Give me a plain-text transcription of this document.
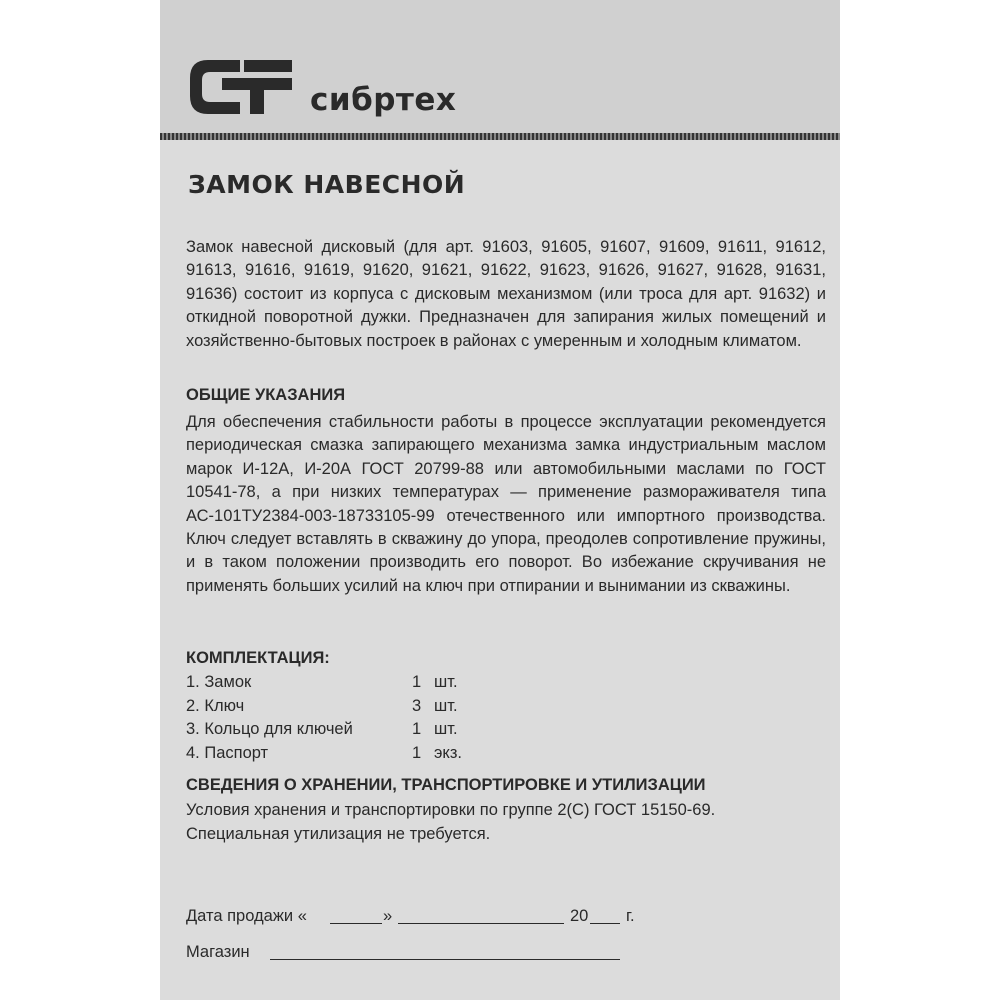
сибртех
ЗАМОК НАВЕСНОЙ

Замок навесной дисковый (для арт. 91603, 91605, 91607, 91609, 91611, 91612, 91613, 91616, 91619, 91620, 91621, 91622, 91623, 91626, 91627, 91628, 91631, 91636) состоит из корпуса с дисковым механизмом (или троса для арт. 91632) и откидной поворотной дужки. Предназначен для запирания жилых помещений и хозяйственно-бытовых построек в районах с умеренным и холодным климатом.

ОБЩИЕ УКАЗАНИЯ

Для обеспечения стабильности работы в процессе эксплуатации рекомендуется периодическая смазка запирающего механизма замка индустриальным маслом марок И-12А, И-20А ГОСТ 20799-88 или автомобильными маслами по ГОСТ 10541-78, а при низких температурах — применение размораживателя типа АС-101ТУ2384-003-18733105-99 отечественного или импортного производства. Ключ следует вставлять в скважину до упора, преодолев сопротивление пружины, и в таком положении производить его поворот. Во избежание скручивания не применять больших усилий на ключ при отпирании и вынимании из скважины.

КОМПЛЕКТАЦИЯ:
1. Замок	1 шт.
2. Ключ	3 шт.
3. Кольцо для ключей	1 шт.
4. Паспорт	1 экз.
СВЕДЕНИЯ О ХРАНЕНИИ, ТРАНСПОРТИРОВКЕ И УТИЛИЗАЦИИ
Условия хранения и транспортировки по группе 2(С) ГОСТ 15150-69.
Специальная утилизация не требуется.
Дата продажи «	»	20 г.
Магазин
